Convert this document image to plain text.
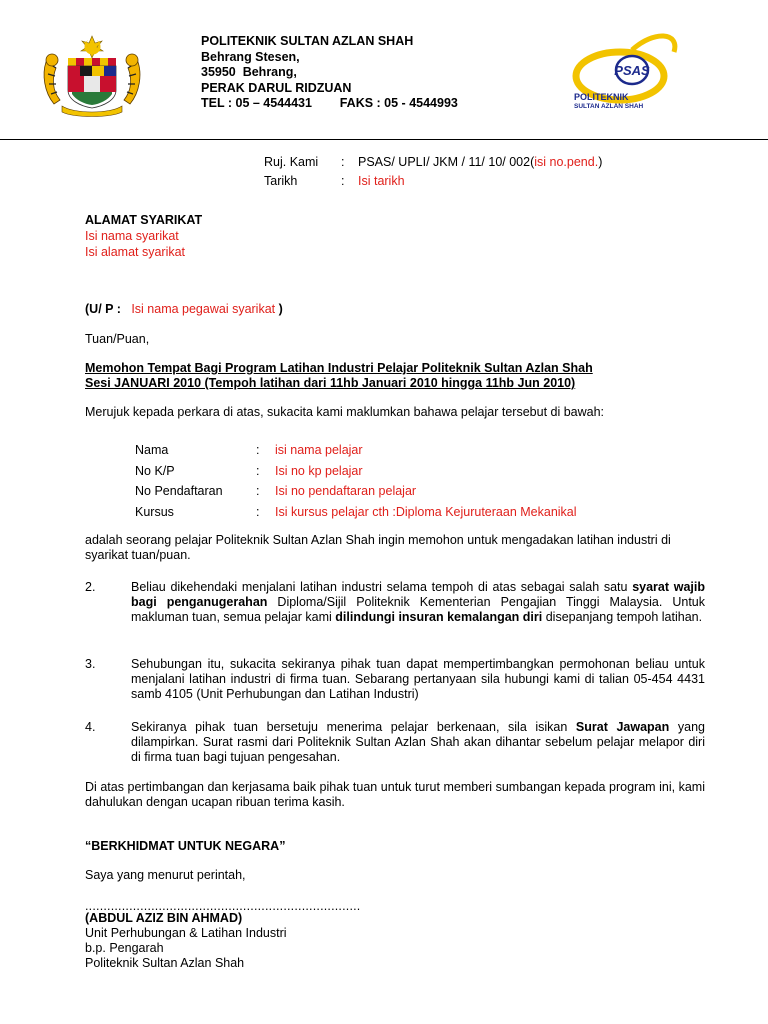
POLITEKNIK SULTAN AZLAN SHAH
Behrang Stesen,
35950  Behrang,
PERAK DARUL RIDZUAN
TEL : 05 – 4544431        FAKS : 05 - 4544993
PSAS
POLITEKNIK
SULTAN AZLAN SHAH
Ruj. Kami	:	PSAS/ UPLI/ JKM / 11/ 10/ 002(isi no.pend.)
Tarikh	:	Isi tarikh
ALAMAT SYARIKAT
Isi nama syarikat
Isi alamat syarikat
(U/ P : Isi nama pegawai syarikat )
Tuan/Puan,
Memohon Tempat Bagi Program Latihan Industri Pelajar Politeknik Sultan Azlan Shah
Sesi JANUARI 2010 (Tempoh latihan dari 11hb Januari 2010 hingga 11hb Jun 2010)
Merujuk kepada perkara di atas, sukacita kami maklumkan bahawa pelajar tersebut di bawah:
Nama	:	isi nama pelajar
No K/P	:	Isi no kp pelajar
No Pendaftaran	:	Isi no pendaftaran pelajar
Kursus	:	Isi kursus pelajar cth :Diploma Kejuruteraan Mekanikal
adalah seorang pelajar Politeknik Sultan Azlan Shah ingin memohon untuk mengadakan latihan industri di
syarikat tuan/puan.
2.	Beliau dikehendaki menjalani latihan industri selama tempoh di atas sebagai salah satu syarat wajib bagi penganugerahan Diploma/Sijil Politeknik Kementerian Pengajian Tinggi Malaysia. Untuk makluman tuan, semua pelajar kami dilindungi insuran kemalangan diri disepanjang tempoh latihan.
3.	Sehubungan itu, sukacita sekiranya pihak tuan dapat mempertimbangkan permohonan beliau untuk menjalani latihan industri di firma tuan. Sebarang pertanyaan sila hubungi kami di talian 05-454 4431 samb 4105 (Unit Perhubungan dan Latihan Industri)
4.	Sekiranya pihak tuan bersetuju menerima pelajar berkenaan, sila isikan Surat Jawapan yang dilampirkan. Surat rasmi dari Politeknik Sultan Azlan Shah akan dihantar sebelum pelajar melapor diri di firma tuan bagi tujuan pengesahan.
Di atas pertimbangan dan kerjasama baik pihak tuan untuk turut memberi sumbangan kepada program ini, kami dahulukan dengan ucapan ribuan terima kasih.
“BERKHIDMAT UNTUK NEGARA”
Saya yang menurut perintah,
...........................................................................
(ABDUL AZIZ BIN AHMAD)
Unit Perhubungan & Latihan Industri
b.p. Pengarah
Politeknik Sultan Azlan Shah
